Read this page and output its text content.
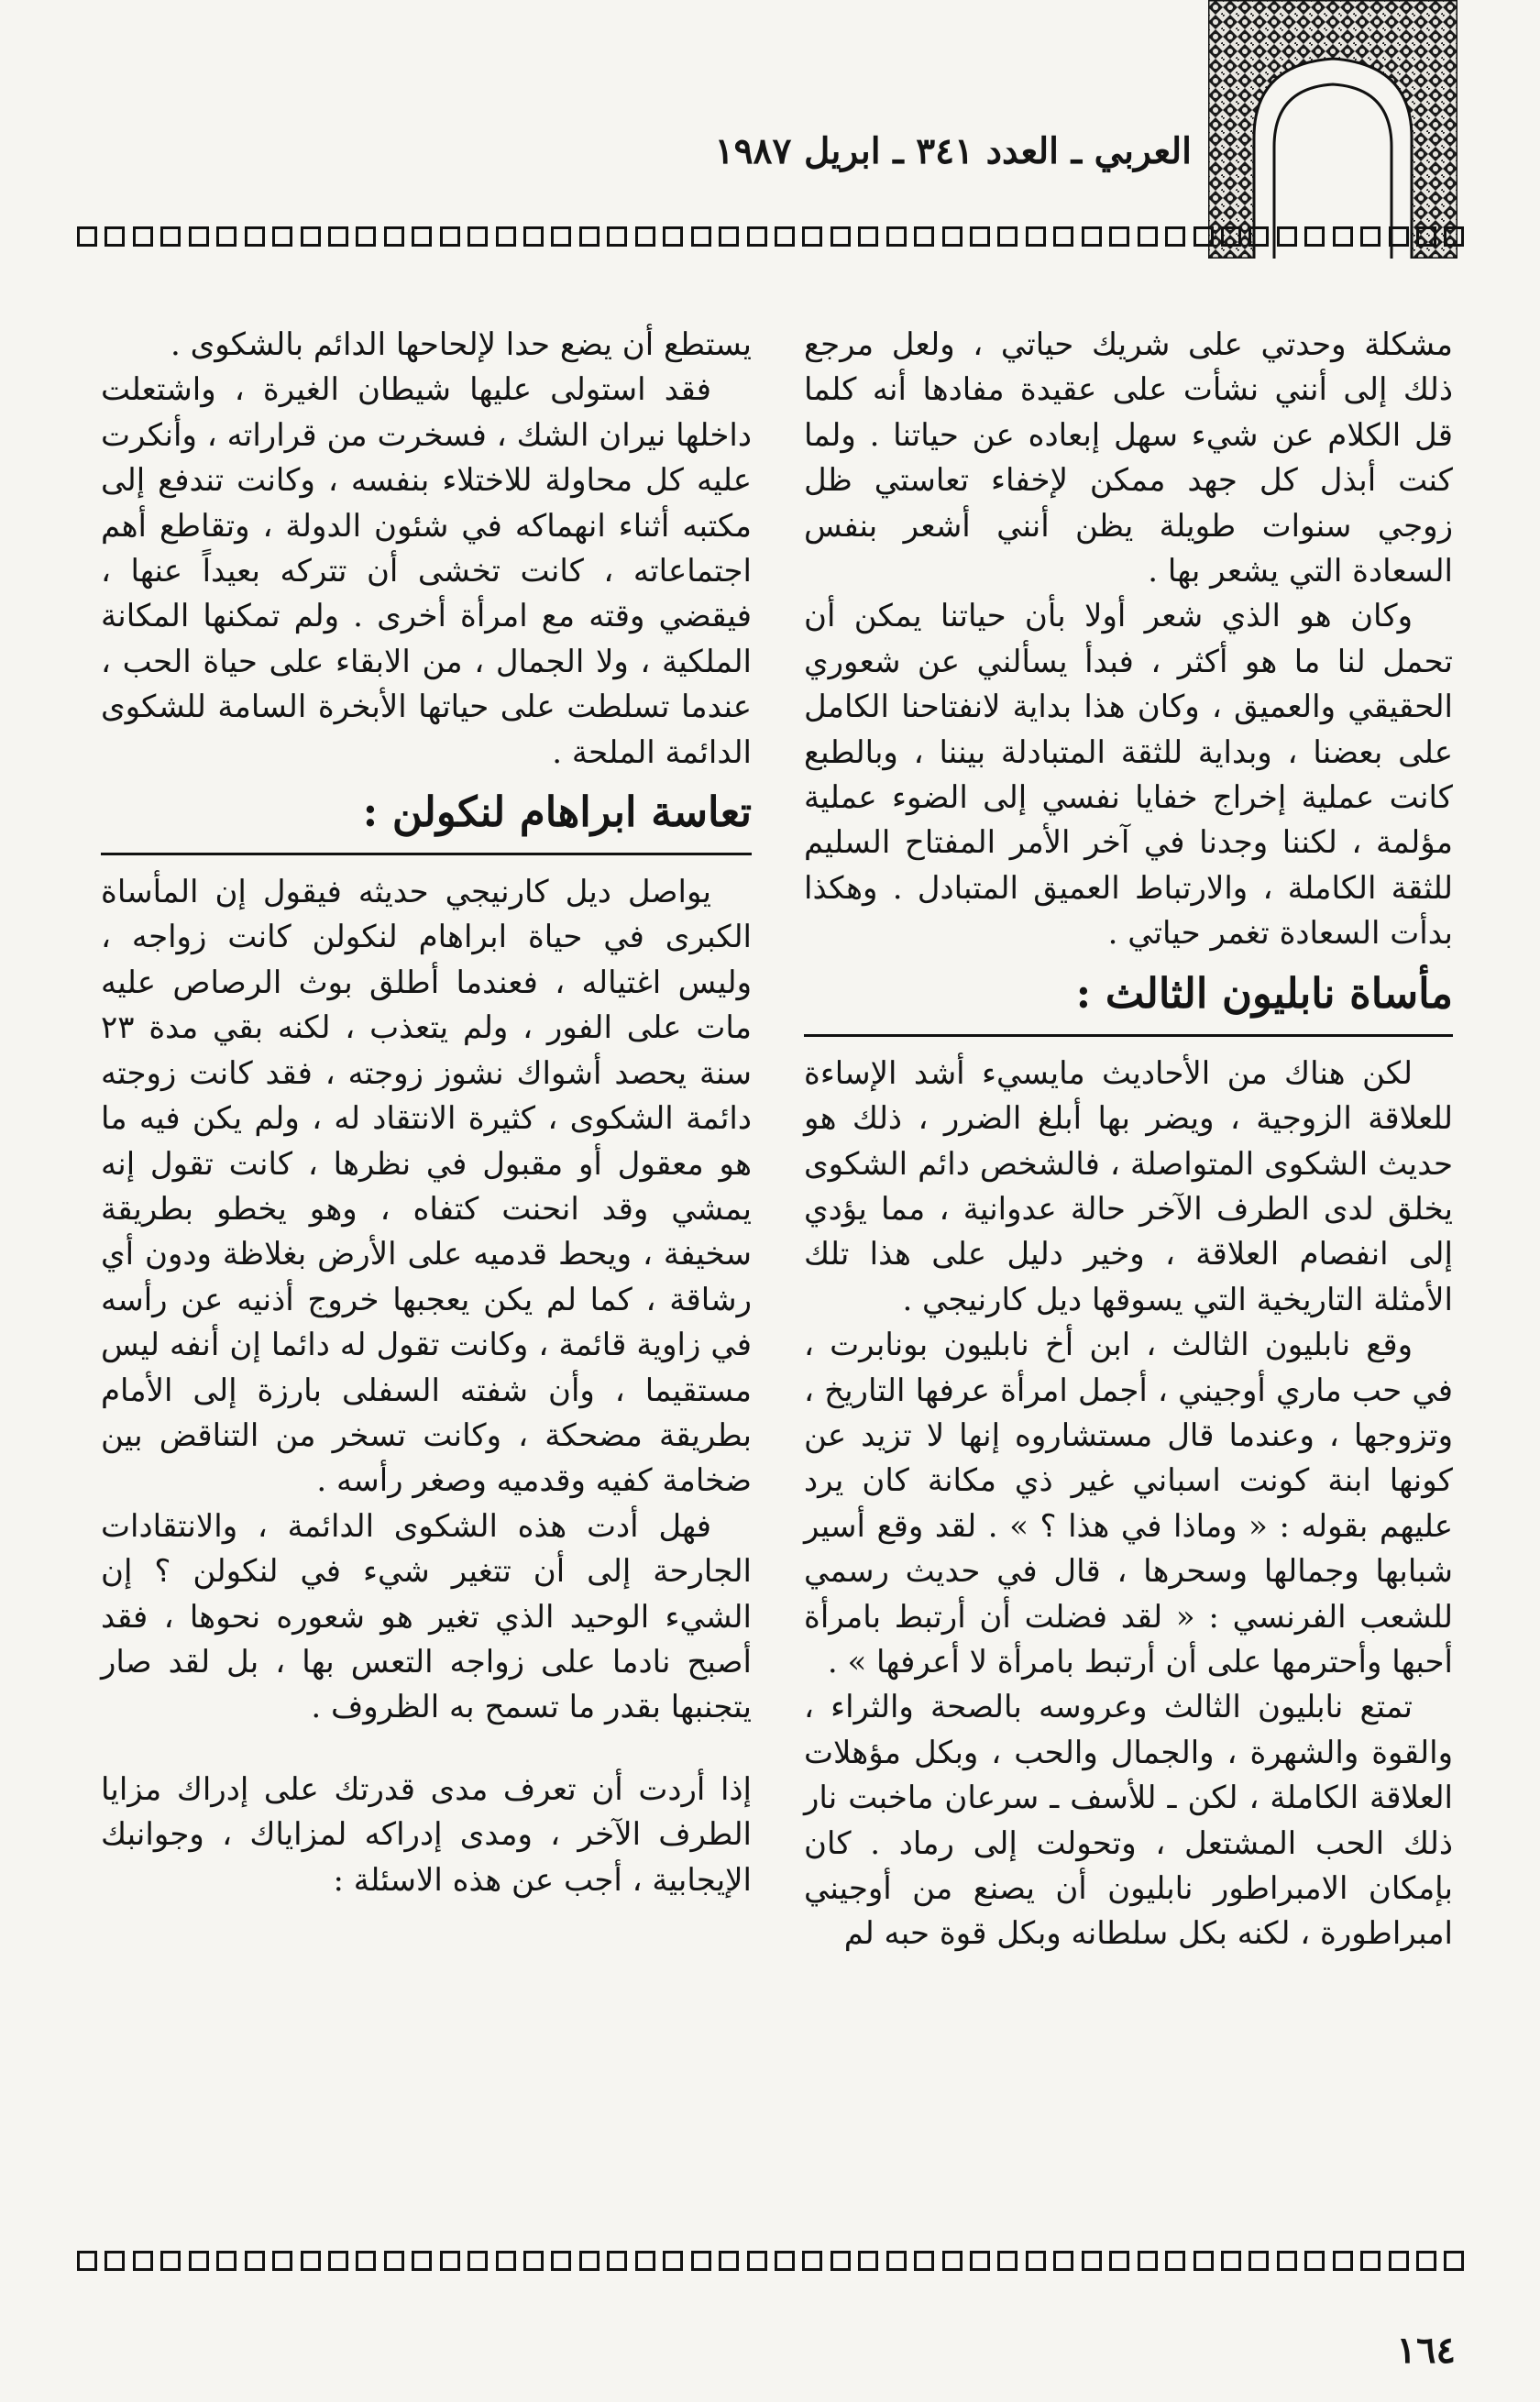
العربي ـ العدد ٣٤١ ـ ابريل ١٩٨٧

مشكلة وحدتي على شريك حياتي ، ولعل مرجع ذلك إلى أنني نشأت على عقيدة مفادها أنه كلما قل الكلام عن شيء سهل إبعاده عن حياتنا . ولما كنت أبذل كل جهد ممكن لإخفاء تعاستي ظل زوجي سنوات طويلة يظن أنني أشعر بنفس السعادة التي يشعر بها .

وكان هو الذي شعر أولا بأن حياتنا يمكن أن تحمل لنا ما هو أكثر ، فبدأ يسألني عن شعوري الحقيقي والعميق ، وكان هذا بداية لانفتاحنا الكامل على بعضنا ، وبداية للثقة المتبادلة بيننا ، وبالطبع كانت عملية إخراج خفايا نفسي إلى الضوء عملية مؤلمة ، لكننا وجدنا في آخر الأمر المفتاح السليم للثقة الكاملة ، والارتباط العميق المتبادل . وهكذا بدأت السعادة تغمر حياتي .

مأساة نابليون الثالث :

لكن هناك من الأحاديث مايسيء أشد الإساءة للعلاقة الزوجية ، ويضر بها أبلغ الضرر ، ذلك هو حديث الشكوى المتواصلة ، فالشخص دائم الشكوى يخلق لدى الطرف الآخر حالة عدوانية ، مما يؤدي إلى انفصام العلاقة ، وخير دليل على هذا تلك الأمثلة التاريخية التي يسوقها ديل كارنيجي .

وقع نابليون الثالث ، ابن أخ نابليون بونابرت ، في حب ماري أوجيني ، أجمل امرأة عرفها التاريخ ، وتزوجها ، وعندما قال مستشاروه إنها لا تزيد عن كونها ابنة كونت اسباني غير ذي مكانة كان يرد عليهم بقوله : « وماذا في هذا ؟ » . لقد وقع أسير شبابها وجمالها وسحرها ، قال في حديث رسمي للشعب الفرنسي : « لقد فضلت أن أرتبط بامرأة أحبها وأحترمها على أن أرتبط بامرأة لا أعرفها » .

تمتع نابليون الثالث وعروسه بالصحة والثراء ، والقوة والشهرة ، والجمال والحب ، وبكل مؤهلات العلاقة الكاملة ، لكن ـ للأسف ـ سرعان ماخبت نار ذلك الحب المشتعل ، وتحولت إلى رماد . كان بإمكان الامبراطور نابليون أن يصنع من أوجيني امبراطورة ، لكنه بكل سلطانه وبكل قوة حبه لم

يستطع أن يضع حدا لإلحاحها الدائم بالشكوى .

فقد استولى عليها شيطان الغيرة ، واشتعلت داخلها نيران الشك ، فسخرت من قراراته ، وأنكرت عليه كل محاولة للاختلاء بنفسه ، وكانت تندفع إلى مكتبه أثناء انهماكه في شئون الدولة ، وتقاطع أهم اجتماعاته ، كانت تخشى أن تتركه بعيداً عنها ، فيقضي وقته مع امرأة أخرى . ولم تمكنها المكانة الملكية ، ولا الجمال ، من الابقاء على حياة الحب ، عندما تسلطت على حياتها الأبخرة السامة للشكوى الدائمة الملحة .

تعاسة ابراهام لنكولن :

يواصل ديل كارنيجي حديثه فيقول إن المأساة الكبرى في حياة ابراهام لنكولن كانت زواجه ، وليس اغتياله ، فعندما أطلق بوث الرصاص عليه مات على الفور ، ولم يتعذب ، لكنه بقي مدة ٢٣ سنة يحصد أشواك نشوز زوجته ، فقد كانت زوجته دائمة الشكوى ، كثيرة الانتقاد له ، ولم يكن فيه ما هو معقول أو مقبول في نظرها ، كانت تقول إنه يمشي وقد انحنت كتفاه ، وهو يخطو بطريقة سخيفة ، ويحط قدميه على الأرض بغلاظة ودون أي رشاقة ، كما لم يكن يعجبها خروج أذنيه عن رأسه في زاوية قائمة ، وكانت تقول له دائما إن أنفه ليس مستقيما ، وأن شفته السفلى بارزة إلى الأمام بطريقة مضحكة ، وكانت تسخر من التناقض بين ضخامة كفيه وقدميه وصغر رأسه .

فهل أدت هذه الشكوى الدائمة ، والانتقادات الجارحة إلى أن تتغير شيء في لنكولن ؟ إن الشيء الوحيد الذي تغير هو شعوره نحوها ، فقد أصبح نادما على زواجه التعس بها ، بل لقد صار يتجنبها بقدر ما تسمح به الظروف .

إذا أردت أن تعرف مدى قدرتك على إدراك مزايا الطرف الآخر ، ومدى إدراكه لمزاياك ، وجوانبك الإيجابية ، أجب عن هذه الاسئلة :

١٦٤
